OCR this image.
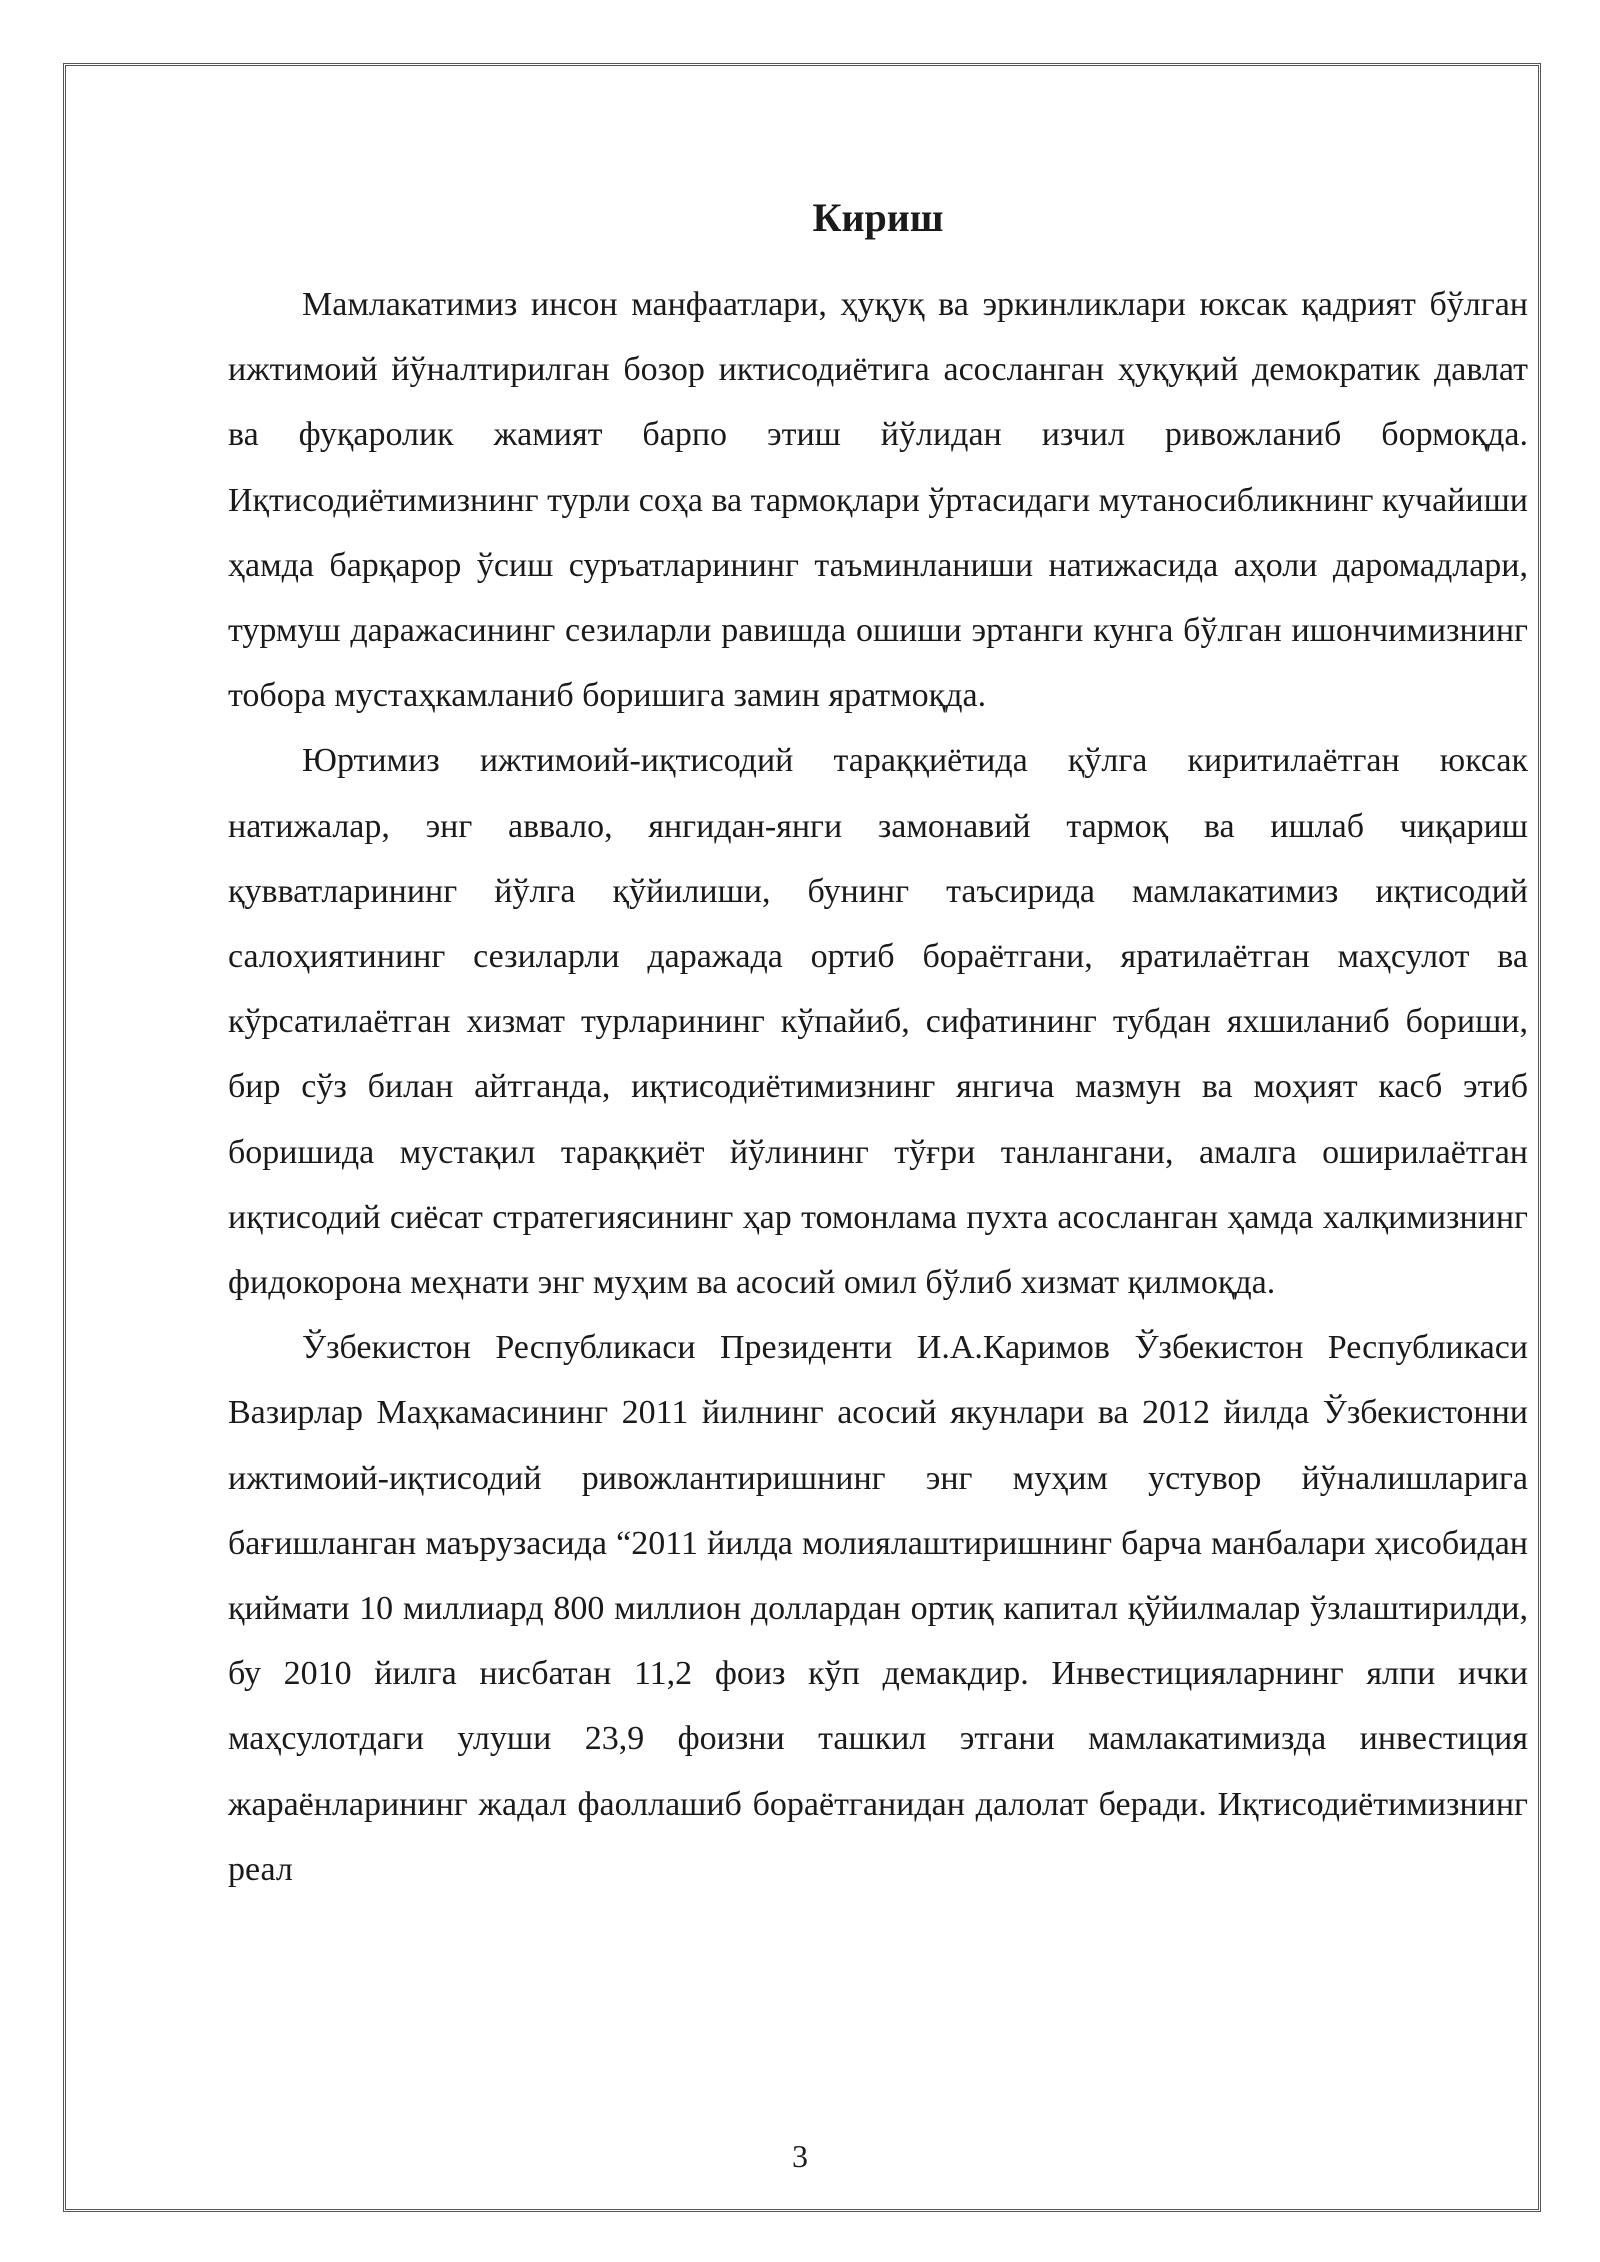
Кириш

Мамлакатимиз инсон манфаатлари, ҳуқуқ ва эркинликлари юксак қадрият бўлган ижтимоий йўналтирилган бозор иктисодиётига асосланган ҳуқуқий демократик давлат ва фуқаролик жамият барпо этиш йўлидан изчил ривожланиб бормоқда. Иқтисодиётимизнинг турли соҳа ва тармоқлари ўртасидаги мутаносибликнинг кучайиши ҳамда барқарор ўсиш суръатларининг таъминланиши натижасида аҳоли даромадлари, турмуш даражасининг сезиларли равишда ошиши эртанги кунга бўлган ишончимизнинг тобора мустаҳкамланиб боришига замин яратмоқда.

Юртимиз ижтимоий-иқтисодий тараққиётида қўлга киритилаётган юксак натижалар, энг аввало, янгидан-янги замонавий тармоқ ва ишлаб чиқариш қувватларининг йўлга қўйилиши, бунинг таъсирида мамлакатимиз иқтисодий салоҳиятининг сезиларли даражада ортиб бораётгани, яратилаётган маҳсулот ва кўрсатилаётган хизмат турларининг кўпайиб, сифатининг тубдан яхшиланиб бориши, бир сўз билан айтганда, иқтисодиётимизнинг янгича мазмун ва моҳият касб этиб боришида мустақил тараққиёт йўлининг тўғри танлангани, амалга оширилаётган иқтисодий сиёсат стратегиясининг ҳар томонлама пухта асосланган ҳамда халқимизнинг фидокорона меҳнати энг муҳим ва асосий омил бўлиб хизмат қилмоқда.

Ўзбекистон Республикаси Президенти И.А.Каримов Ўзбекистон Республикаси Вазирлар Маҳкамасининг 2011 йилнинг асосий якунлари ва 2012 йилда Ўзбекистонни ижтимоий-иқтисодий ривожлантиришнинг энг муҳим устувор йўналишларига бағишланган маърузасида “2011 йилда молиялаштиришнинг барча манбалари ҳисобидан қиймати 10 миллиард 800 миллион доллардан ортиқ капитал қўйилмалар ўзлаштирилди, бу 2010 йилга нисбатан 11,2 фоиз кўп демакдир. Инвестицияларнинг ялпи ички маҳсулотдаги улуши 23,9 фоизни ташкил этгани мамлакатимизда инвестиция жараёнларининг жадал фаоллашиб бораётганидан далолат беради. Иқтисодиётимизнинг реал

3
